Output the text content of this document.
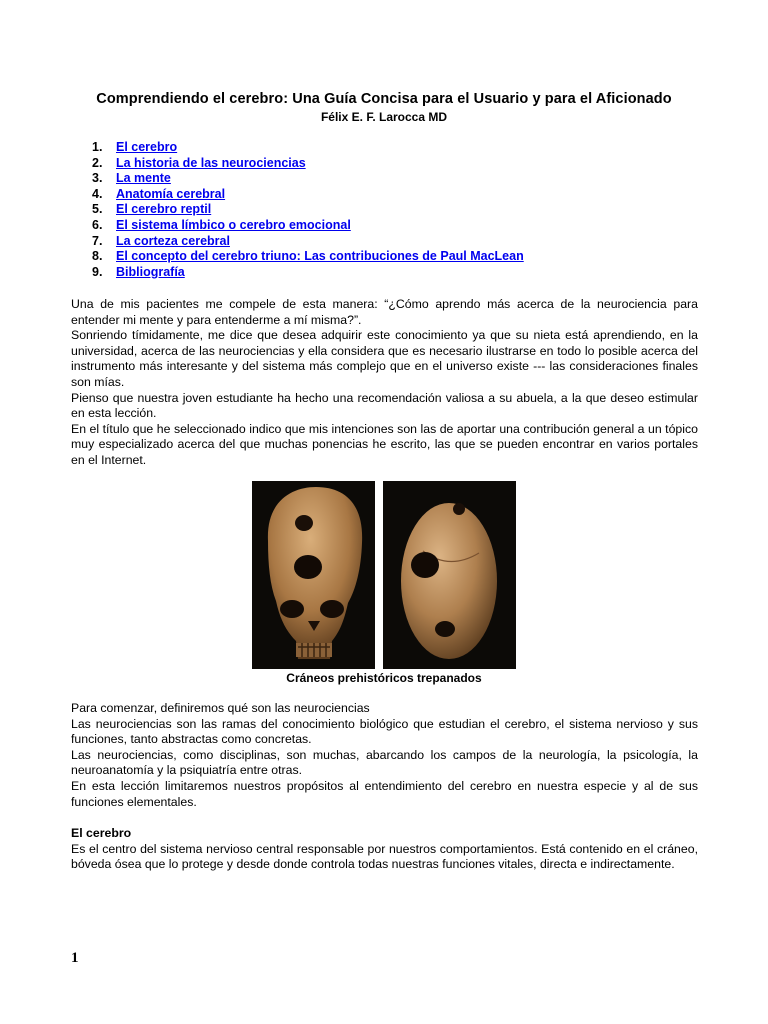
Comprendiendo el cerebro: Una Guía Concisa para el Usuario y para el Aficionado
Félix E. F. Larocca MD
1.	El cerebro
2.	La historia de las neurociencias
3.	La mente
4.	Anatomía cerebral
5.	El cerebro reptil
6.	El sistema límbico o cerebro emocional
7.	La corteza cerebral
8.	El concepto del cerebro triuno: Las contribuciones de Paul MacLean
9.	Bibliografía

Una de mis pacientes me compele de esta manera: “¿Cómo aprendo más acerca de la neurociencia para entender mi mente y para entenderme a mí misma?”.

Sonriendo tímidamente, me dice que desea adquirir este conocimiento ya que su nieta está aprendiendo, en la universidad, acerca de las neurociencias y ella considera que es necesario ilustrarse en todo lo posible acerca del instrumento más interesante y del sistema más complejo que en el universo existe --- las consideraciones finales son mías.

Pienso que nuestra joven estudiante ha hecho una recomendación valiosa a su abuela, a la que deseo estimular en esta lección.

En el título que he seleccionado indico que mis intenciones son las de aportar una contribución general a un tópico muy especializado acerca del que muchas ponencias he escrito, las que se pueden encontrar en varios portales en el Internet.

Cráneos prehistóricos trepanados

Para comenzar, definiremos qué son las neurociencias

Las neurociencias son las ramas del conocimiento biológico que estudian el cerebro, el sistema nervioso y sus funciones, tanto abstractas como concretas.

Las neurociencias, como disciplinas, son muchas, abarcando los campos de la neurología, la psicología, la neuroanatomía y la psiquiatría entre otras.

En esta lección limitaremos nuestros propósitos al entendimiento del cerebro en nuestra especie y al de sus funciones elementales.

El cerebro

Es el centro del sistema nervioso central responsable por nuestros comportamientos. Está contenido en el cráneo, bóveda ósea que lo protege y desde donde controla todas nuestras funciones vitales, directa e indirectamente.

1
